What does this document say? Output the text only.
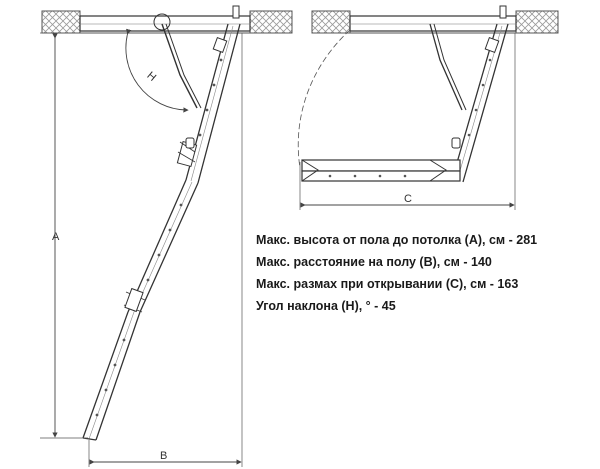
H
A
B
C
Макс. высота от пола до потолка (A), см - 281
Макс. расстояние на полу (B), см - 140
Макс. размах при открывании (C), см - 163
Угол наклона (H), ° - 45
